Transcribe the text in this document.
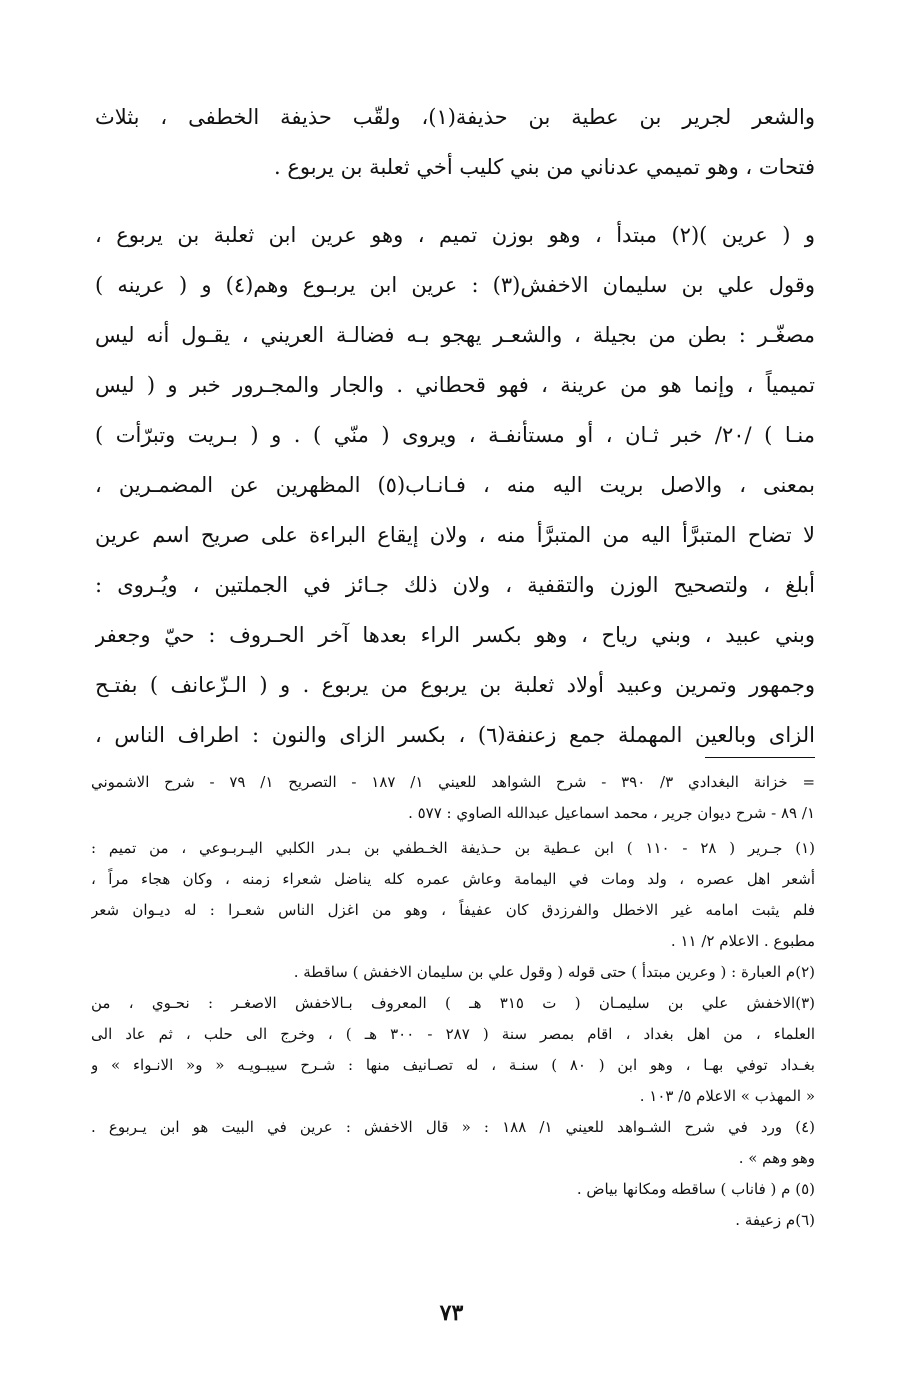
والشعر لجرير بن عطية بن حذيفة(١)، ولقّب حذيفة الخطفى ، بثلاث
فتحات ، وهو تميمي عدناني من بني كليب أخي ثعلبة بن يربوع .

و ( عرين )(٢) مبتدأ ، وهو بوزن تميم ، وهو عرين ابن ثعلبة بن يربوع ،
وقول علي بن سليمان الاخفش(٣) : عرين ابن يربـوع وهم(٤) و ( عرينه )
مصغّـر : بطن من بجيلة ، والشعـر يهجو بـه فضالـة العريني ، يقـول أنه ليس
تميمياً ، وإنما هو من عرينة ، فهو قحطاني . والجار والمجـرور خبر و ( ليس
منـا ) /٢٠/ خبر ثـان ، أو مستأنفـة ، ويروى ( منّي ) . و ( بـريت وتبرّأت )
بمعنى ، والاصل بريت اليه منه ، فـانـاب(٥) المظهرين عن المضمـرين ،
لا تضاح المتبرَّأ اليه من المتبرَّأ منه ، ولان إيقاع البراءة على صريح اسم عرين
أبلغ ، ولتصحيح الوزن والتقفية ، ولان ذلك جـائز في الجملتين ، ويُـروى :
وبني عبيد ، وبني رياح ، وهو بكسر الراء بعدها آخر الحـروف : حيّ وجعفر
وجمهور وتمرين وعبيد أولاد ثعلبة بن يربوع من يربوع . و ( الـزّعانف ) بفتـح
الزاى وبالعين المهملة جمع زعنفة(٦) ، بكسر الزاى والنون : اطراف الناس ،

= خزانة البغدادي ٣/ ٣٩٠ - شرح الشواهد للعيني ١/ ١٨٧ - التصريح ١/ ٧٩ - شرح الاشموني
١/ ٨٩ - شرح ديوان جرير ، محمد اسماعيل عبدالله الصاوي : ٥٧٧ .
(١) جـرير ( ٢٨ - ١١٠ ) ابن عـطية بن حـذيفة الخـطفي بن بـدر الكلبي اليـربـوعي ، من تميم :
أشعر اهل عصره ، ولد ومات في اليمامة وعاش عمره كله يناضل شعراء زمنه ، وكان هجاء مراً ،
فلم يثبت امامه غير الاخطل والفرزدق كان عفيفاً ، وهو من اغزل الناس شعـرا : له ديـوان شعر
مطبوع . الاعلام ٢/ ١١ .
(٢)م العبارة : ( وعرين مبتدأ ) حتى قوله ( وقول علي بن سليمان الاخفش ) ساقطة .
(٣)الاخفش علي بن سليمـان ( ت ٣١٥ هـ ) المعروف بـالاخفش الاصغـر : نحـوي ، من
العلماء ، من اهل بغداد ، اقام بمصر سنة ( ٢٨٧ - ٣٠٠ هـ ) ، وخرج الى حلب ، ثم عاد الى
بغـداد توفي بهـا ، وهو ابن ( ٨٠ ) سنـة ، له تصـانيف منها : شـرح سيبـويـه « و« الانـواء » و
« المهذب » الاعلام ٥/ ١٠٣ .
(٤) ورد في شرح الشـواهد للعيني ١/ ١٨٨ : « قال الاخفش : عرين في البيت هو ابن يـربوع .
وهو وهم » .
(٥) م ( فاناب ) ساقطه ومكانها بياض .
(٦)م زعيفة .
٧٣
